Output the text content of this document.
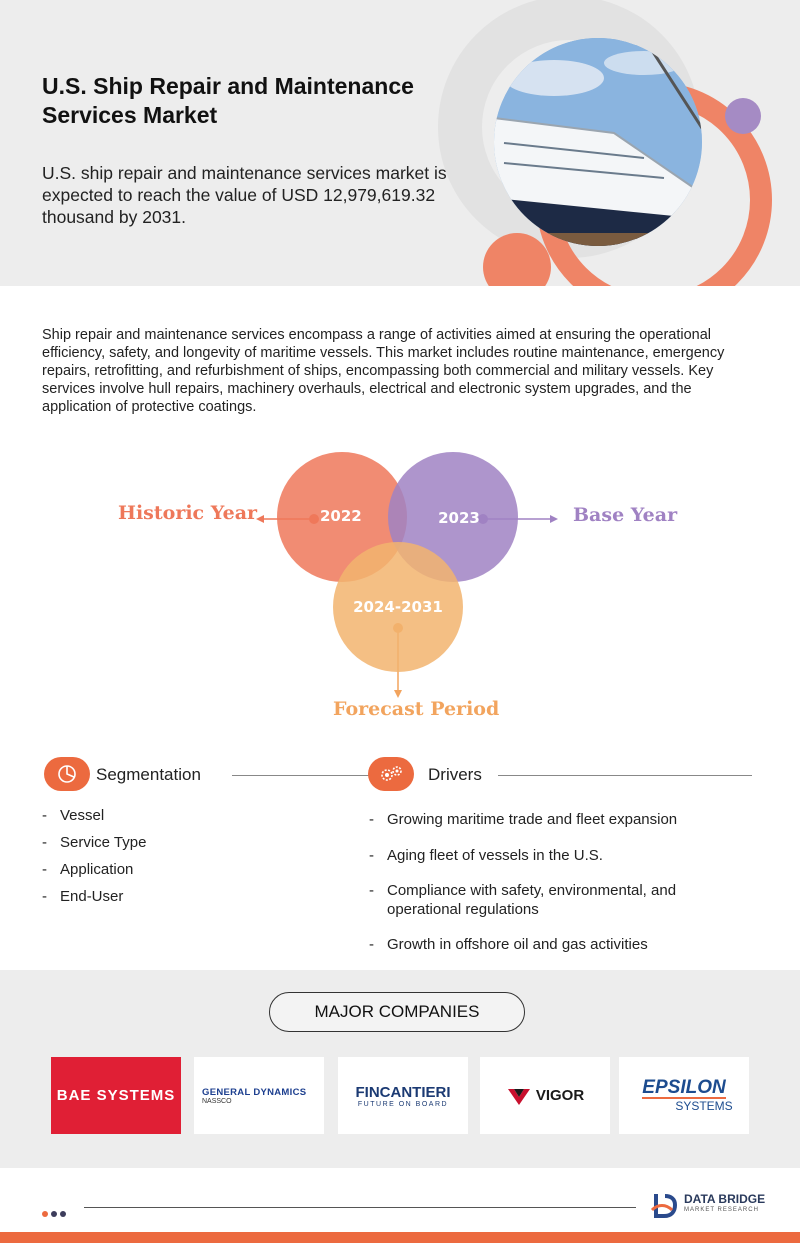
U.S. Ship Repair and Maintenance Services Market

U.S. ship repair and maintenance services market is expected to reach the value of USD 12,979,619.32 thousand by 2031.

Ship repair and maintenance services encompass a range of activities aimed at ensuring the operational efficiency, safety, and longevity of maritime vessels. This market includes routine maintenance, emergency repairs, retrofitting, and refurbishment of ships, encompassing both commercial and military vessels. Key services involve hull repairs, machinery overhauls, electrical and electronic system upgrades, and the application of protective coatings.

2022	2023
2024-2031
Historic Year	Base Year
Forecast Period
Segmentation
- Vessel
- Service Type
- Application
- End-User
Drivers
- Growing maritime trade and fleet expansion
- Aging fleet of vessels in the U.S.
- Compliance with safety, environmental, and operational regulations
- Growth in offshore oil and gas activities
MAJOR COMPANIES
BAE SYSTEMS	GENERAL DYNAMICS
NASSCO
FINCANTIERI
FUTURE ON BOARD	VIGOR	EPSILON
SYSTEMS
DATA BRIDGE
MARKET RESEARCH
